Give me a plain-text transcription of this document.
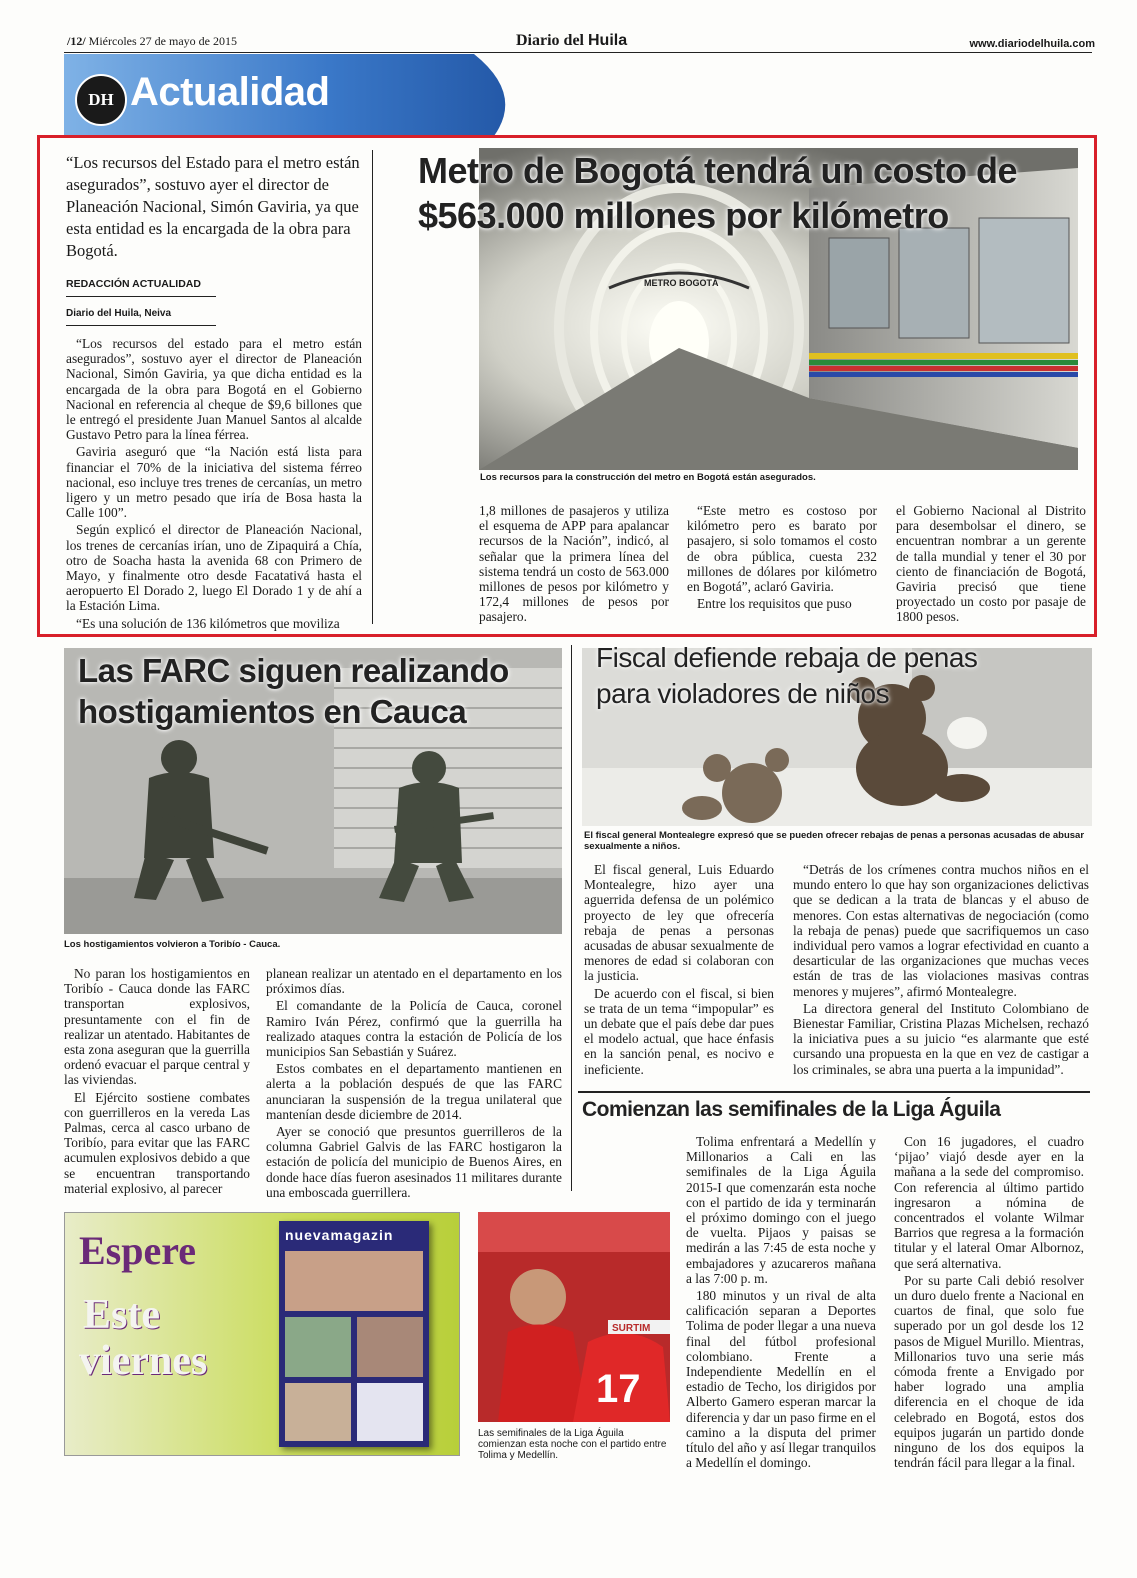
/12/ Miércoles 27 de mayo de 2015	Diario del Huila	www.diariodelhuila.com
DH Actualidad
“Los recursos del Estado para el metro están asegurados”, sostuvo ayer el director de Planeación Nacional, Simón Gaviria, ya que esta entidad es la encargada de la obra para Bogotá.
REDACCIÓN ACTUALIDAD
Diario del Huila, Neiva

“Los recursos del estado para el metro están asegurados”, sostuvo ayer el director de Planeación Nacional, Simón Gaviria, ya que dicha entidad es la encargada de la obra para Bogotá en el Gobierno Nacional en referencia al cheque de $9,6 billones que le entregó el presidente Juan Manuel Santos al alcalde Gustavo Petro para la línea férrea.

Gaviria aseguró que “la Nación está lista para financiar el 70% de la iniciativa del sistema férreo nacional, eso incluye tres trenes de cercanías, un metro ligero y un metro pesado que iría de Bosa hasta la Calle 100”.

Según explicó el director de Planeación Nacional, los trenes de cercanías irían, uno de Zipaquirá a Chía, otro de Soacha hasta la avenida 68 con Primero de Mayo, y finalmente otro desde Facatativá hasta el aeropuerto El Dorado 2, luego El Dorado 1 y de ahí a la Estación Lima.

“Es una solución de 136 kilómetros que moviliza

METRO BOGOTÁ
Metro de Bogotá tendrá un costo de
$563.000 millones por kilómetro
Los recursos para la construcción del metro en Bogotá están asegurados.

1,8 millones de pasajeros y utiliza el esquema de APP para apalancar recursos de la Nación”, indicó, al señalar que la primera línea del sistema tendrá un costo de 563.000 millones de pesos por kilómetro y 172,4 millones de pesos por pasajero.

“Este metro es costoso por kilómetro pero es barato por pasajero, si solo tomamos el costo de obra pública, cuesta 232 millones de dólares por kilómetro en Bogotá”, aclaró Gaviria.

Entre los requisitos que puso

el Gobierno Nacional al Distrito para desembolsar el dinero, se encuentran nombrar a un gerente de talla mundial y tener el 30 por ciento de financiación de Bogotá, Gaviria precisó que tiene proyectado un costo por pasaje de 1800 pesos.

Las FARC siguen realizando
hostigamientos en Cauca
Los hostigamientos volvieron a Toribío - Cauca.

No paran los hostigamientos en Toribío - Cauca donde las FARC transportan explosivos, presuntamente con el fin de realizar un atentado. Habitantes de esta zona aseguran que la guerrilla ordenó evacuar el parque central y las viviendas.

El Ejército sostiene combates con guerrilleros en la vereda Las Palmas, cerca al casco urbano de Toribío, para evitar que las FARC acumulen explosivos debido a que se encuentran transportando material explosivo, al parecer

planean realizar un atentado en el departamento en los próximos días.

El comandante de la Policía de Cauca, coronel Ramiro Iván Pérez, confirmó que la guerrilla ha realizado ataques contra la estación de Policía de los municipios San Sebastián y Suárez.

Estos combates en el departamento mantienen en alerta a la población después de que las FARC anunciaran la suspensión de la tregua unilateral que mantenían desde diciembre de 2014.

Ayer se conoció que presuntos guerrilleros de la columna Gabriel Galvis de las FARC hostigaron la estación de policía del municipio de Buenos Aires, en donde hace días fueron asesinados 11 militares durante una emboscada guerrillera.

Fiscal defiende rebaja de penas
para violadores de niños
El fiscal general Montealegre expresó que se pueden ofrecer rebajas de penas a personas acusadas de abusar sexualmente a niños.

El fiscal general, Luis Eduardo Montealegre, hizo ayer una aguerrida defensa de un polémico proyecto de ley que ofrecería rebaja de penas a personas acusadas de abusar sexualmente de menores de edad si colaboran con la justicia.

De acuerdo con el fiscal, si bien se trata de un tema “impopular” es un debate que el país debe dar pues el modelo actual, que hace énfasis en la sanción penal, es nocivo e ineficiente.

“Detrás de los crímenes contra muchos niños en el mundo entero lo que hay son organizaciones delictivas que se dedican a la trata de blancas y el abuso de menores. Con estas alternativas de negociación (como la rebaja de penas) puede que sacrifiquemos un caso individual pero vamos a lograr efectividad en cuanto a desarticular de las organizaciones que muchas veces están de tras de las violaciones masivas contras menores y mujeres”, afirmó Montealegre.

La directora general del Instituto Colombiano de Bienestar Familiar, Cristina Plazas Michelsen, rechazó la iniciativa pues a su juicio “es alarmante que esté cursando una propuesta en la que en vez de castigar a los criminales, se abra una puerta a la impunidad”.

Comienzan las semifinales de la Liga Águila
SURTIM
17
Las semifinales de la Liga Águila comienzan esta noche con el partido entre Tolima y Medellín.

Tolima enfrentará a Medellín y Millonarios a Cali en las semifinales de la Liga Águila 2015-I que comenzarán esta noche con el partido de ida y terminarán el próximo domingo con el juego de vuelta. Pijaos y paisas se medirán a las 7:45 de esta noche y embajadores y azucareros mañana a las 7:00 p. m.

180 minutos y un rival de alta calificación separan a Deportes Tolima de poder llegar a una nueva final del fútbol profesional colombiano. Frente a Independiente Medellín en el estadio de Techo, los dirigidos por Alberto Gamero esperan marcar la diferencia y dar un paso firme en el camino a la disputa del primer título del año y así llegar tranquilos a Medellín el domingo.

Con 16 jugadores, el cuadro ‘pijao’ viajó desde ayer en la mañana a la sede del compromiso. Con referencia al último partido ingresaron a nómina de concentrados el volante Wilmar Barrios que regresa a la formación titular y el lateral Omar Albornoz, que será alternativa.

Por su parte Cali debió resolver un duro duelo frente a Nacional en cuartos de final, que solo fue superado por un gol desde los 12 pasos de Miguel Murillo. Mientras, Millonarios tuvo una serie más cómoda frente a Envigado por haber logrado una amplia diferencia en el choque de ida celebrado en Bogotá, estos dos equipos jugarán un partido donde ninguno de los dos equipos la tendrán fácil para llegar a la final.

Espere
Este
viernes
nuevamagazin
